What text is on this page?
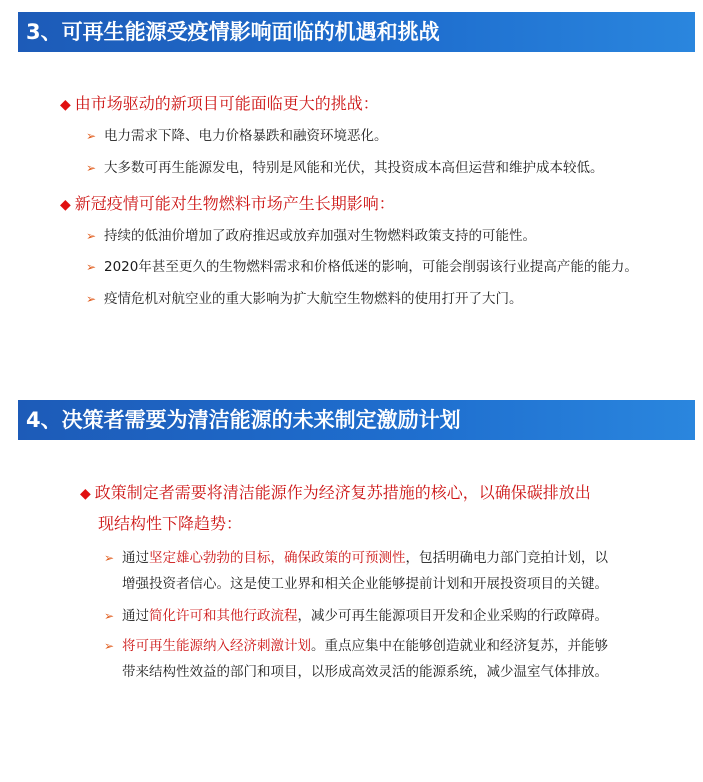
3、可再生能源受疫情影响面临的机遇和挑战
◆ 由市场驱动的新项目可能面临更大的挑战：
➢ 电力需求下降、电力价格暴跌和融资环境恶化。
➢ 大多数可再生能源发电，特别是风能和光伏，其投资成本高但运营和维护成本较低。
◆ 新冠疫情可能对生物燃料市场产生长期影响：
➢ 持续的低油价增加了政府推迟或放弃加强对生物燃料政策支持的可能性。
➢ 2020年甚至更久的生物燃料需求和价格低迷的影响，可能会削弱该行业提高产能的能力。
➢ 疫情危机对航空业的重大影响为扩大航空生物燃料的使用打开了大门。
4、决策者需要为清洁能源的未来制定激励计划
◆ 政策制定者需要将清洁能源作为经济复苏措施的核心，以确保碳排放出
现结构性下降趋势：
➢ 通过坚定雄心勃勃的目标，确保政策的可预测性，包括明确电力部门竞拍计划，以
增强投资者信心。这是使工业界和相关企业能够提前计划和开展投资项目的关键。
➢ 通过简化许可和其他行政流程，减少可再生能源项目开发和企业采购的行政障碍。
➢ 将可再生能源纳入经济刺激计划。重点应集中在能够创造就业和经济复苏，并能够
带来结构性效益的部门和项目，以形成高效灵活的能源系统，减少温室气体排放。
